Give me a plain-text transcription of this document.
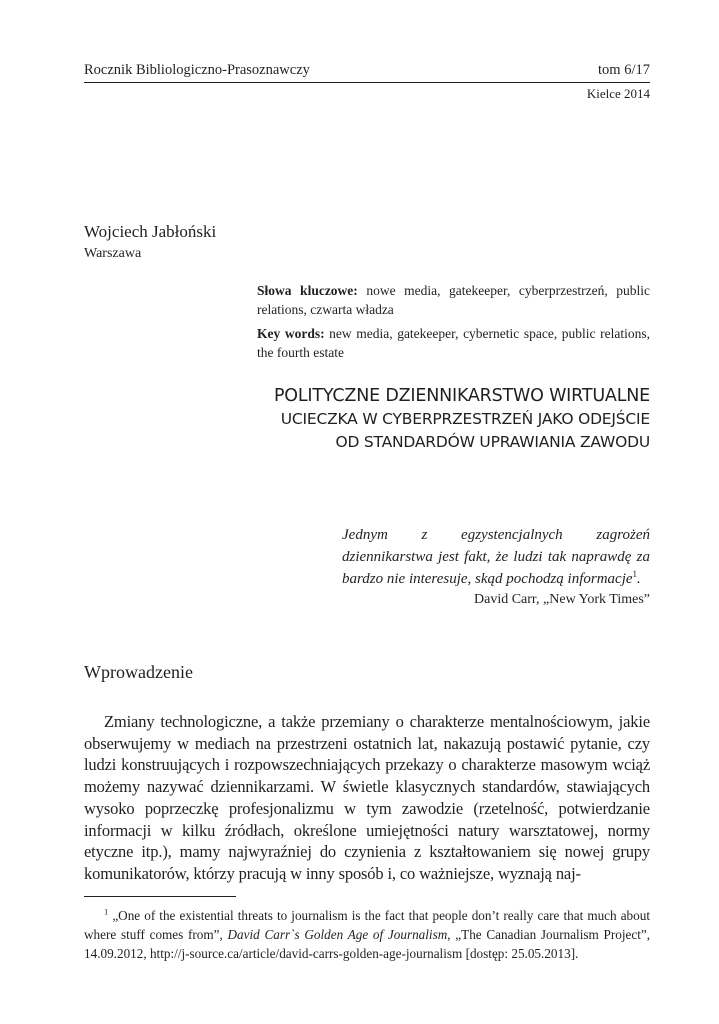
Rocznik Bibliologiczno-Prasoznawczy	tom 6/17
Kielce 2014
Wojciech Jabłoński
Warszawa

Słowa kluczowe: nowe media, gatekeeper, cyberprzestrzeń, public relations, czwarta władza

Key words: new media, gatekeeper, cybernetic space, public relations, the fourth estate

POLITYCZNE DZIENNIKARSTWO WIRTUALNE
UCIECZKA W CYBERPRZESTRZEŃ JAKO ODEJŚCIE
OD STANDARDÓW UPRAWIANIA ZAWODU
Jednym z egzystencjalnych zagrożeń dziennikarstwa jest fakt, że ludzi tak naprawdę za bardzo nie interesuje, skąd pochodzą informacje$^1$.
David Carr, „New York Times”
Wprowadzenie

Zmiany technologiczne, a także przemiany o charakterze mentalnościowym, jakie obserwujemy w mediach na przestrzeni ostatnich lat, nakazują postawić pytanie, czy ludzi konstruujących i rozpowszechniających przekazy o charakterze masowym wciąż możemy nazywać dziennikarzami. W świetle klasycznych standardów, stawiających wysoko poprzeczkę profesjonalizmu w tym zawodzie (rzetelność, potwierdzanie informacji w kilku źródłach, określone umiejętności natury warsztatowej, normy etyczne itp.), mamy najwyraźniej do czynienia z kształtowaniem się nowej grupy komunikatorów, którzy pracują w inny sposób i, co ważniejsze, wyznają naj-

$^1$ „One of the existential threats to journalism is the fact that people don’t really care that much about where stuff comes from”, David Carr`s Golden Age of Journalism, „The Canadian Journalism Project”, 14.09.2012, http://j-source.ca/article/david-carrs-golden-age-journalism [dostęp: 25.05.2013].
